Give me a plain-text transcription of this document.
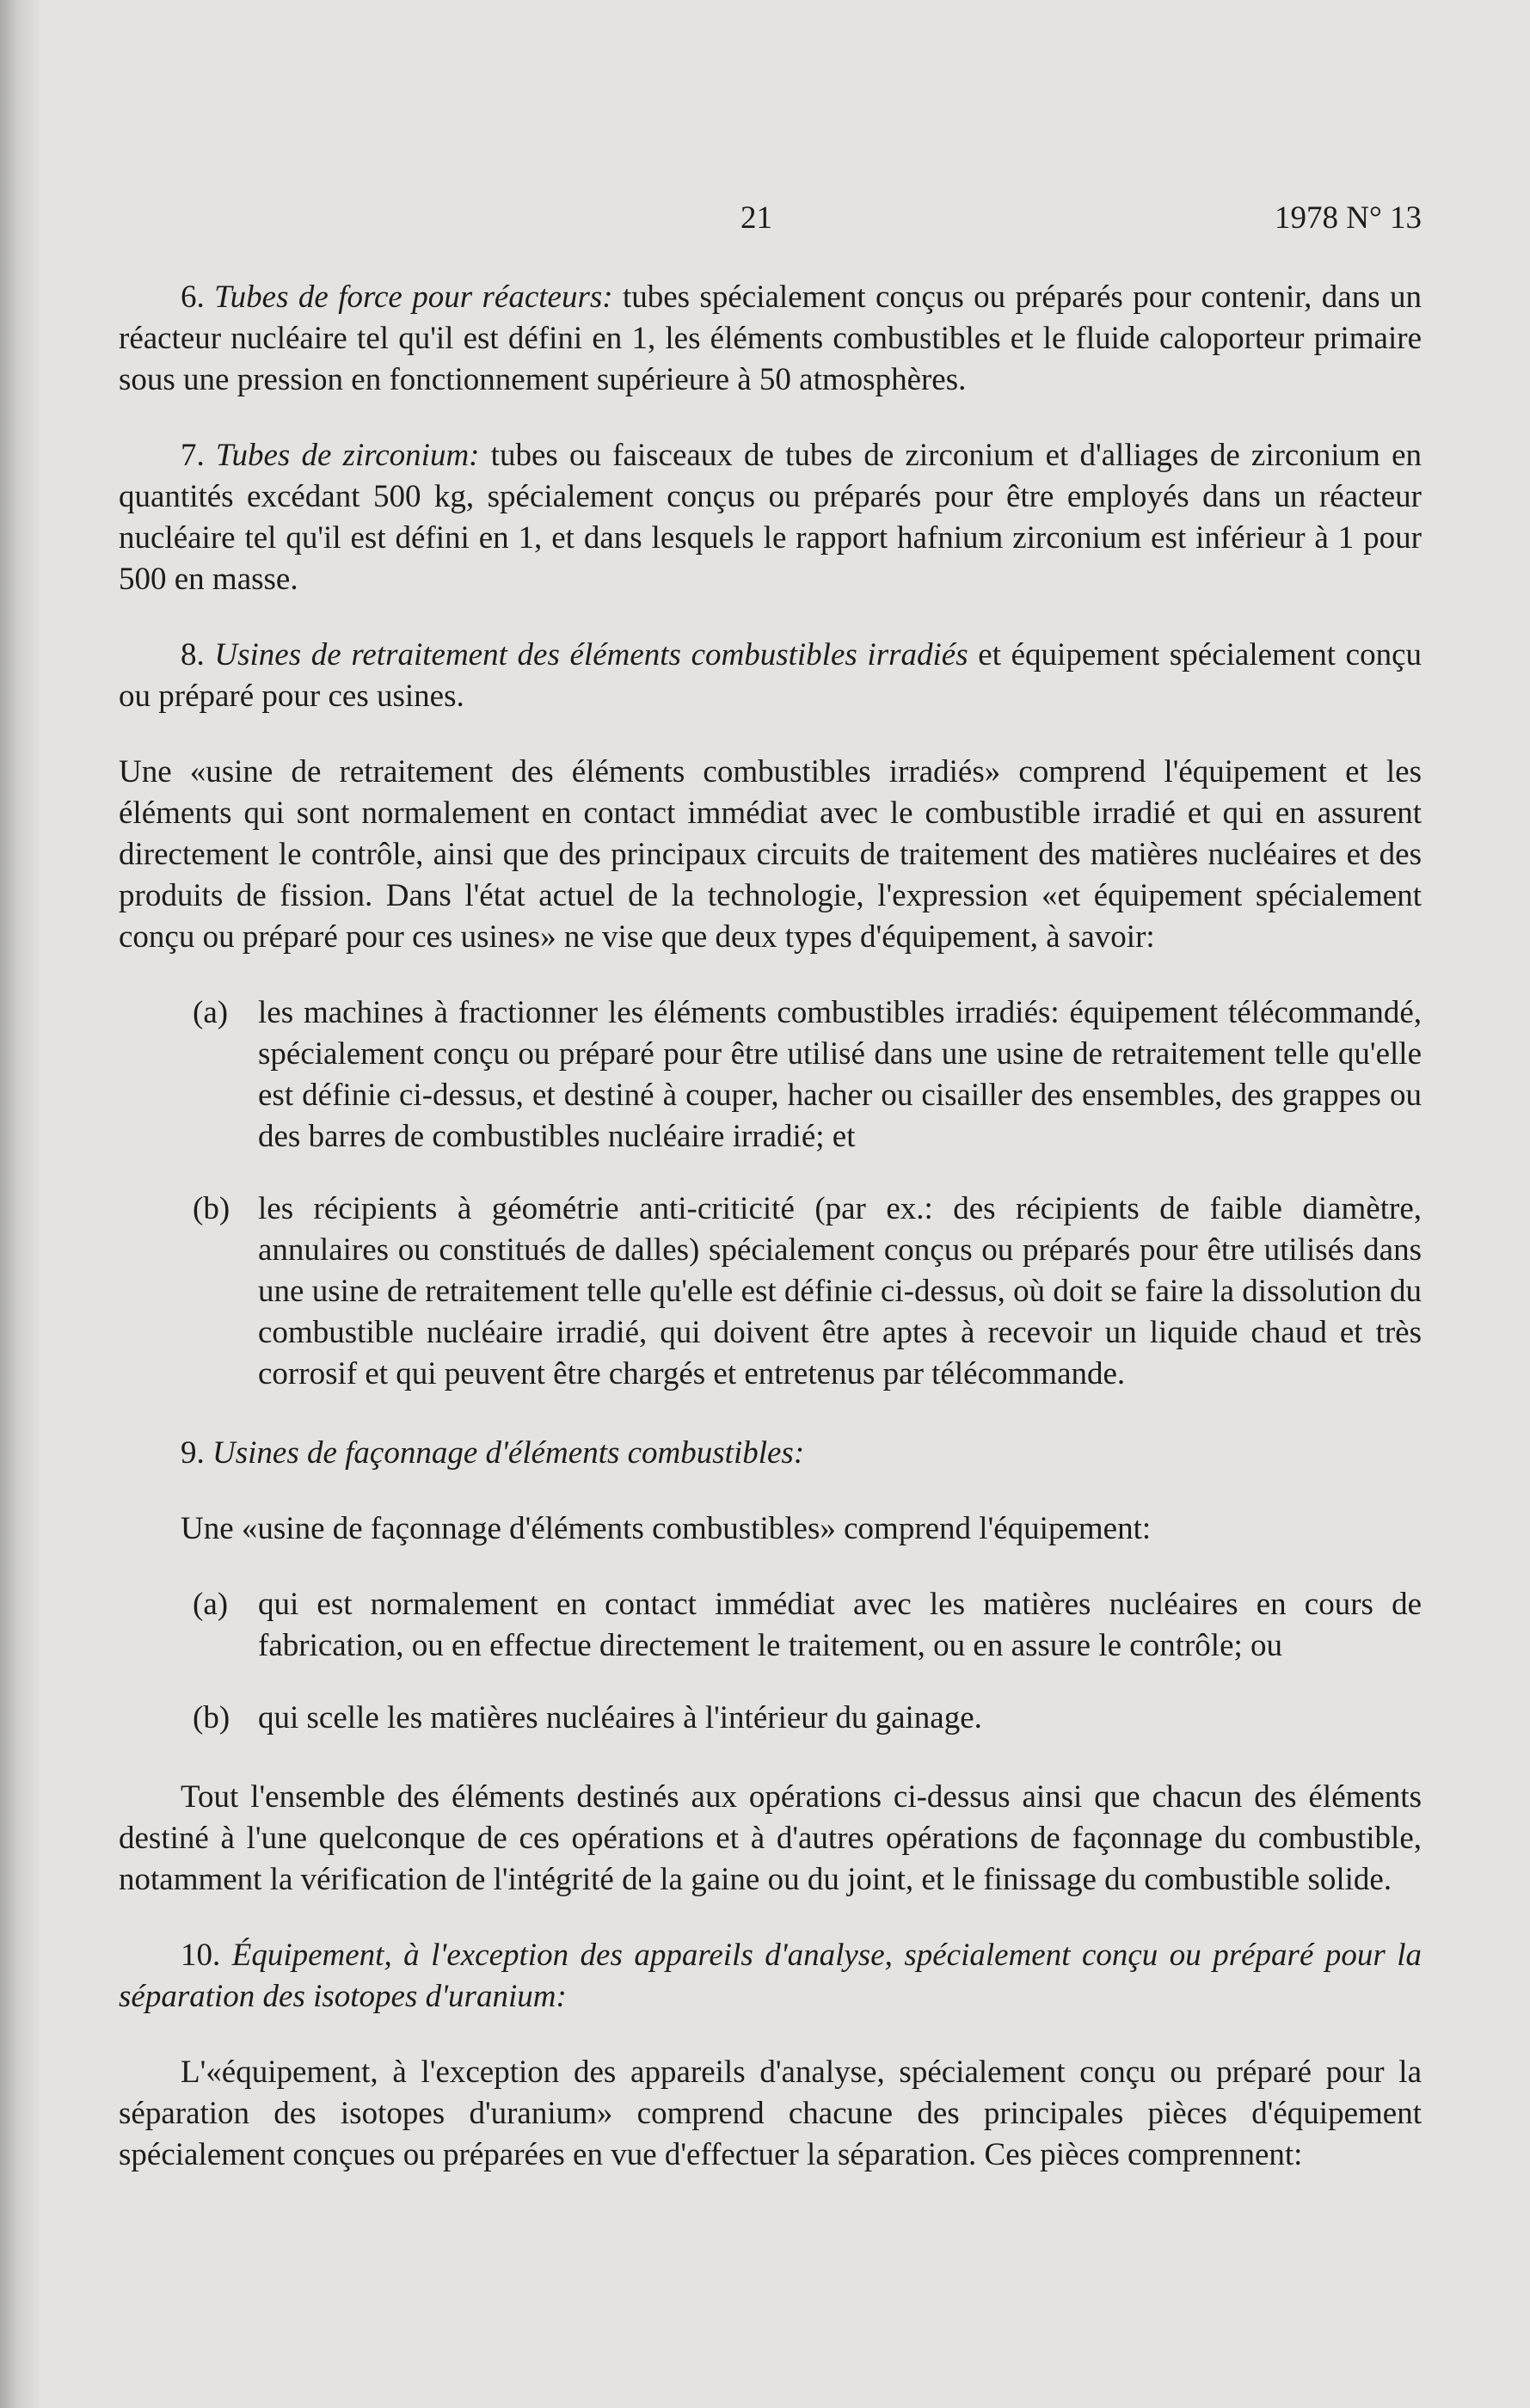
21	1978 N° 13

6. Tubes de force pour réacteurs: tubes spécialement conçus ou préparés pour contenir, dans un réacteur nucléaire tel qu'il est défini en 1, les éléments combustibles et le fluide caloporteur primaire sous une pression en fonctionnement supérieure à 50 atmosphères.

7. Tubes de zirconium: tubes ou faisceaux de tubes de zirconium et d'alliages de zirconium en quantités excédant 500 kg, spécialement conçus ou préparés pour être employés dans un réacteur nucléaire tel qu'il est défini en 1, et dans lesquels le rapport hafnium zirconium est inférieur à 1 pour 500 en masse.

8. Usines de retraitement des éléments combustibles irradiés et équipement spécialement conçu ou préparé pour ces usines.

Une «usine de retraitement des éléments combustibles irradiés» comprend l'équipement et les éléments qui sont normalement en contact immédiat avec le combustible irradié et qui en assurent directement le contrôle, ainsi que des principaux circuits de traitement des matières nucléaires et des produits de fission. Dans l'état actuel de la technologie, l'expression «et équipement spécialement conçu ou préparé pour ces usines» ne vise que deux types d'équipement, à savoir:

(a) les machines à fractionner les éléments combustibles irradiés: équipement télécommandé, spécialement conçu ou préparé pour être utilisé dans une usine de retraitement telle qu'elle est définie ci-dessus, et destiné à couper, hacher ou cisailler des ensembles, des grappes ou des barres de combustibles nucléaire irradié; et
(b) les récipients à géométrie anti-criticité (par ex.: des récipients de faible diamètre, annulaires ou constitués de dalles) spécialement conçus ou préparés pour être utilisés dans une usine de retraitement telle qu'elle est définie ci-dessus, où doit se faire la dissolution du combustible nucléaire irradié, qui doivent être aptes à recevoir un liquide chaud et très corrosif et qui peuvent être chargés et entretenus par télécommande.

9. Usines de façonnage d'éléments combustibles:

Une «usine de façonnage d'éléments combustibles» comprend l'équipement:

(a) qui est normalement en contact immédiat avec les matières nucléaires en cours de fabrication, ou en effectue directement le traitement, ou en assure le contrôle; ou
(b) qui scelle les matières nucléaires à l'intérieur du gainage.

Tout l'ensemble des éléments destinés aux opérations ci-dessus ainsi que chacun des éléments destiné à l'une quelconque de ces opérations et à d'autres opérations de façonnage du combustible, notamment la vérification de l'intégrité de la gaine ou du joint, et le finissage du combustible solide.

10. Équipement, à l'exception des appareils d'analyse, spécialement conçu ou préparé pour la séparation des isotopes d'uranium:

L'«équipement, à l'exception des appareils d'analyse, spécialement conçu ou préparé pour la séparation des isotopes d'uranium» comprend chacune des principales pièces d'équipement spécialement conçues ou préparées en vue d'effectuer la séparation. Ces pièces comprennent:
